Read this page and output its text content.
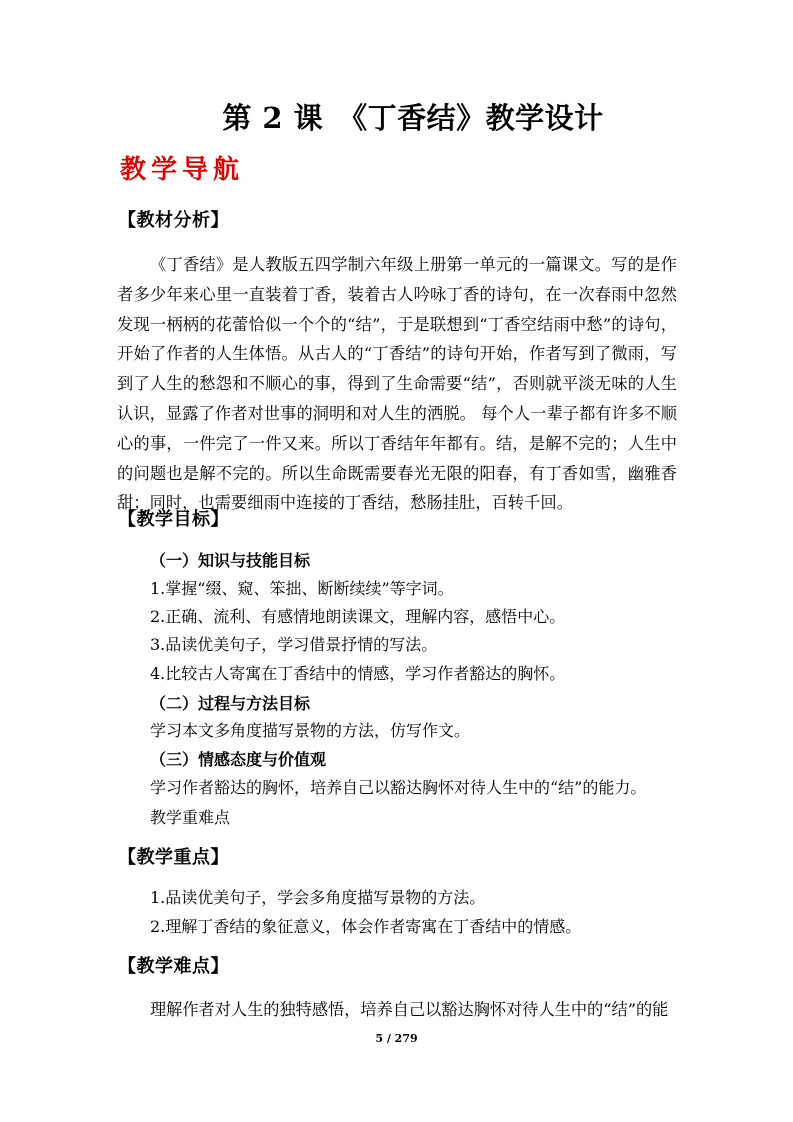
第 2 课　《丁香结》教学设计
教学导航
【教材分析】

《丁香结》是人教版五四学制六年级上册第一单元的一篇课文。写的是作者多少年来心里一直装着丁香，装着古人吟咏丁香的诗句，在一次春雨中忽然发现一柄柄的花蕾恰似一个个的“结”，于是联想到“丁香空结雨中愁”的诗句，开始了作者的人生体悟。从古人的“丁香结”的诗句开始，作者写到了微雨，写到了人生的愁怨和不顺心的事，得到了生命需要“结”，否则就平淡无味的人生认识，显露了作者对世事的洞明和对人生的洒脱。 每个人一辈子都有许多不顺心的事，一件完了一件又来。所以丁香结年年都有。结，是解不完的；人生中的问题也是解不完的。所以生命既需要春光无限的阳春，有丁香如雪，幽雅香甜；同时，也需要细雨中连接的丁香结，愁肠挂肚，百转千回。

【教学目标】
（一）知识与技能目标
1.掌握“缀、窥、笨拙、断断续续”等字词。
2.正确、流利、有感情地朗读课文，理解内容，感悟中心。
3.品读优美句子，学习借景抒情的写法。
4.比较古人寄寓在丁香结中的情感，学习作者豁达的胸怀。
（二）过程与方法目标
学习本文多角度描写景物的方法，仿写作文。
（三）情感态度与价值观
学习作者豁达的胸怀，培养自己以豁达胸怀对待人生中的“结”的能力。
教学重难点
【教学重点】
1.品读优美句子，学会多角度描写景物的方法。
2.理解丁香结的象征意义，体会作者寄寓在丁香结中的情感。
【教学难点】
理解作者对人生的独特感悟，培养自己以豁达胸怀对待人生中的“结”的能
5 / 279
